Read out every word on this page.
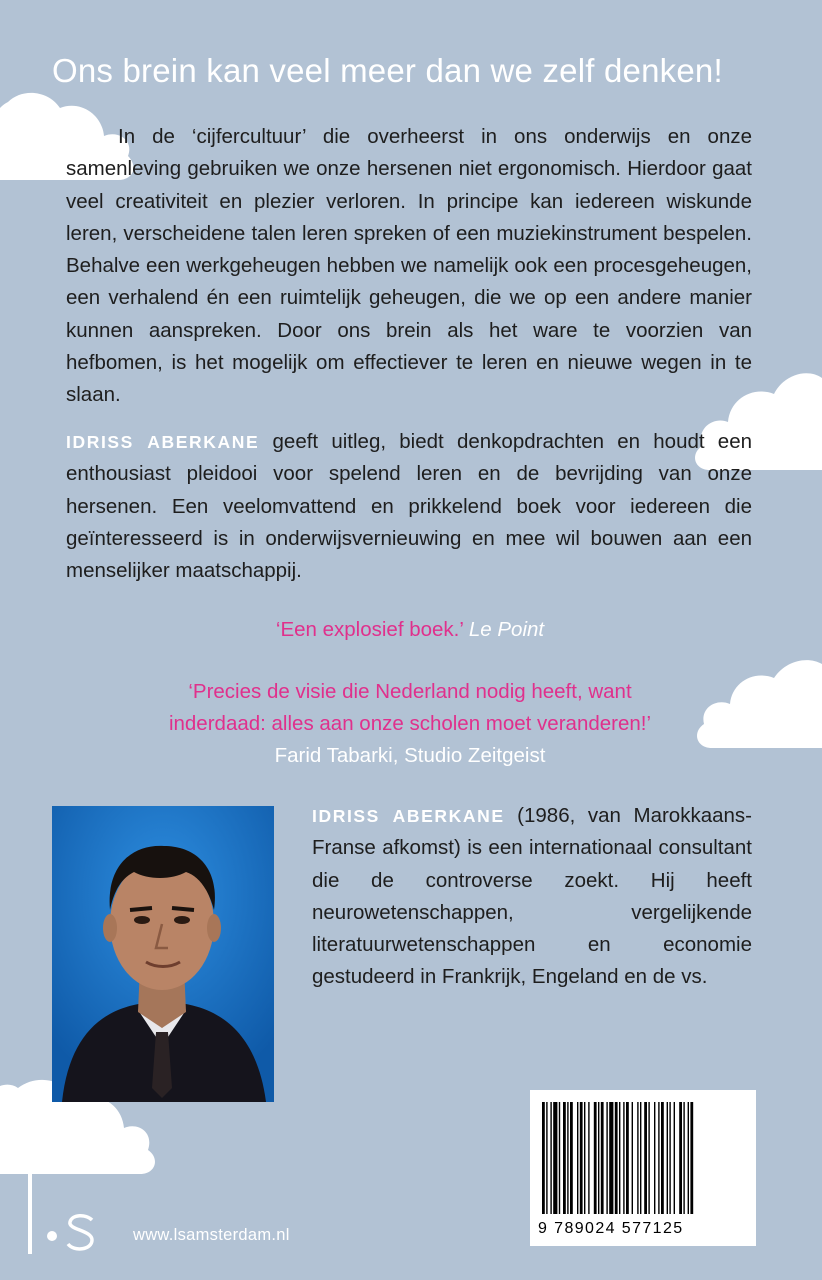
Ons brein kan veel meer dan we zelf denken!

In de ‘cijfercultuur’ die overheerst in ons onderwijs en onze samenleving gebruiken we onze hersenen niet ergonomisch. Hierdoor gaat veel creativiteit en plezier verloren. In principe kan iedereen wiskunde leren, verscheidene talen leren spreken of een muziekinstrument bespelen. Behalve een werkgeheugen hebben we namelijk ook een procesgeheugen, een verhalend én een ruimtelijk geheugen, die we op een andere manier kunnen aanspreken. Door ons brein als het ware te voorzien van hefbomen, is het mogelijk om effectiever te leren en nieuwe wegen in te slaan.

IDRISS ABERKANE geeft uitleg, biedt denkopdrachten en houdt een enthousiast pleidooi voor spelend leren en de bevrijding van onze hersenen. Een veelomvattend en prikkelend boek voor iedereen die geïnteresseerd is in onderwijsvernieuwing en mee wil bouwen aan een menselijker maatschappij.

‘Een explosief boek.’ Le Point
‘Precies de visie die Nederland nodig heeft, want
inderdaad: alles aan onze scholen moet veranderen!’
Farid Tabarki, Studio Zeitgeist

IDRISS ABERKANE (1986, van Marokkaans-Franse afkomst) is een internationaal consultant die de controverse zoekt. Hij heeft neurowetenschappen, vergelijkende literatuurwetenschappen en economie gestudeerd in Frankrijk, Engeland en de vs.

9 789024 577125
www.lsamsterdam.nl
